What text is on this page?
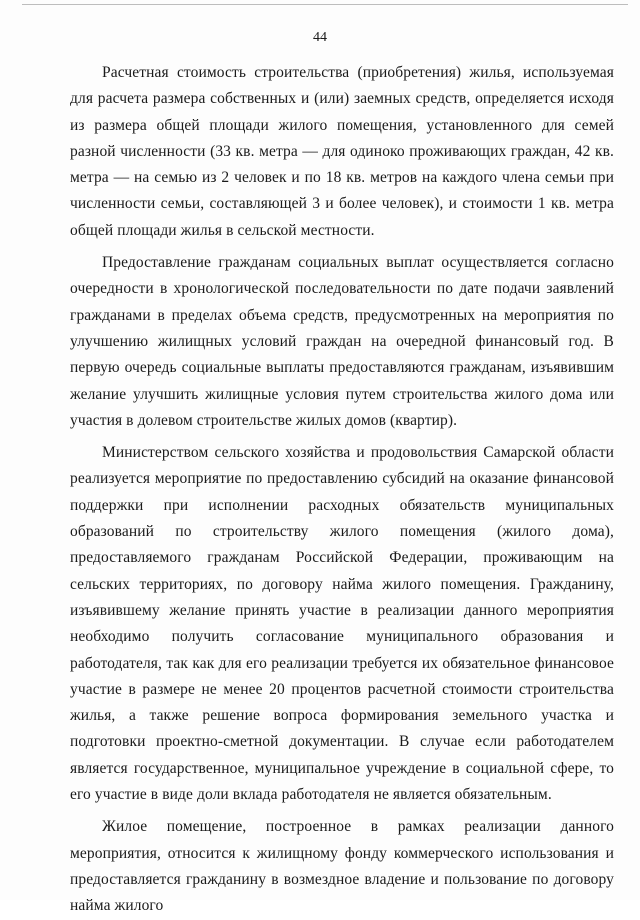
44

Расчетная стоимость строительства (приобретения) жилья, используемая для расчета размера собственных и (или) заемных средств, определяется исходя из размера общей площади жилого помещения, установленного для семей разной численности (33 кв. метра — для одиноко проживающих граждан, 42 кв. метра — на семью из 2 человек и по 18 кв. метров на каждого члена семьи при численности семьи, составляющей 3 и более человек), и стоимости 1 кв. метра общей площади жилья в сельской местности.

Предоставление гражданам социальных выплат осуществляется согласно очередности в хронологической последовательности по дате подачи заявлений гражданами в пределах объема средств, предусмотренных на мероприятия по улучшению жилищных условий граждан на очередной финансовый год. В первую очередь социальные выплаты предоставляются гражданам, изъявившим желание улучшить жилищные условия путем строительства жилого дома или участия в долевом строительстве жилых домов (квартир).

Министерством сельского хозяйства и продовольствия Самарской области реализуется мероприятие по предоставлению субсидий на оказание финансовой поддержки при исполнении расходных обязательств муниципальных образований по строительству жилого помещения (жилого дома), предоставляемого гражданам Российской Федерации, проживающим на сельских территориях, по договору найма жилого помещения. Гражданину, изъявившему желание принять участие в реализации данного мероприятия необходимо получить согласование муниципального образования и работодателя, так как для его реализации требуется их обязательное финансовое участие в размере не менее 20 процентов расчетной стоимости строительства жилья, а также решение вопроса формирования земельного участка и подготовки проектно-сметной документации. В случае если работодателем является государственное, муниципальное учреждение в социальной сфере, то его участие в виде доли вклада работодателя не является обязательным.

Жилое помещение, построенное в рамках реализации данного мероприятия, относится к жилищному фонду коммерческого использования и предоставляется гражданину в возмездное владение и пользование по договору найма жилого
